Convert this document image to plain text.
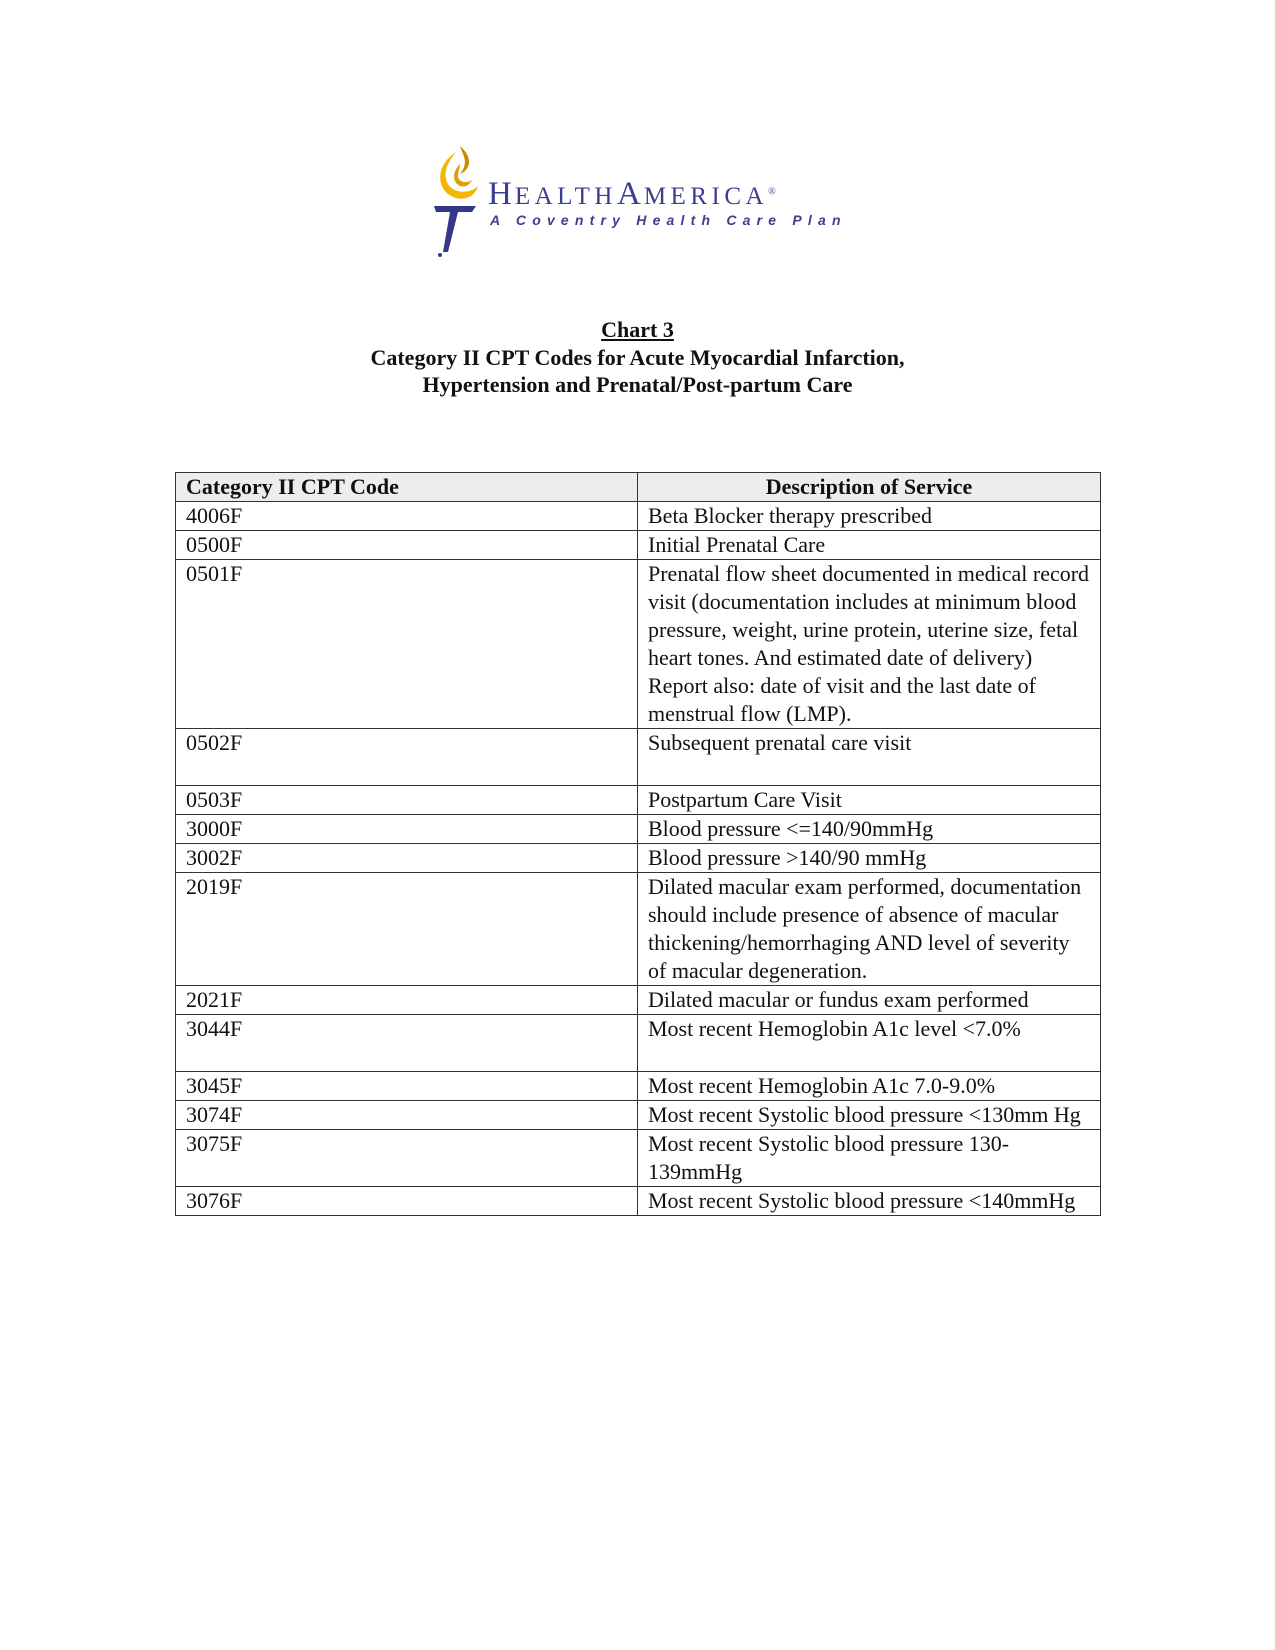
HEALTHAMERICA®
A Coventry Health Care Plan
Chart 3
Category II CPT Codes for Acute Myocardial Infarction,
Hypertension and Prenatal/Post-partum Care
Category II CPT Code	Description of Service
4006F	Beta Blocker therapy prescribed
0500F	Initial Prenatal Care
0501F	Prenatal flow sheet documented in medical record visit (documentation includes at minimum blood pressure, weight, urine protein, uterine size, fetal heart tones. And estimated date of delivery)
Report also: date of visit and the last date of menstrual flow (LMP).

0502F	Subsequent prenatal care visit
0503F	Postpartum Care Visit
3000F	Blood pressure <=140/90mmHg
3002F	Blood pressure >140/90 mmHg
2019F	Dilated macular exam performed, documentation should include presence of absence of macular thickening/hemorrhaging AND level of severity of macular degeneration.
2021F	Dilated macular or fundus exam performed
3044F	Most recent Hemoglobin A1c level <7.0%
3045F	Most recent Hemoglobin A1c 7.0-9.0%
3074F	Most recent Systolic blood pressure <130mm Hg
3075F	Most recent Systolic blood pressure 130-139mmHg
3076F	Most recent Systolic blood pressure <140mmHg
